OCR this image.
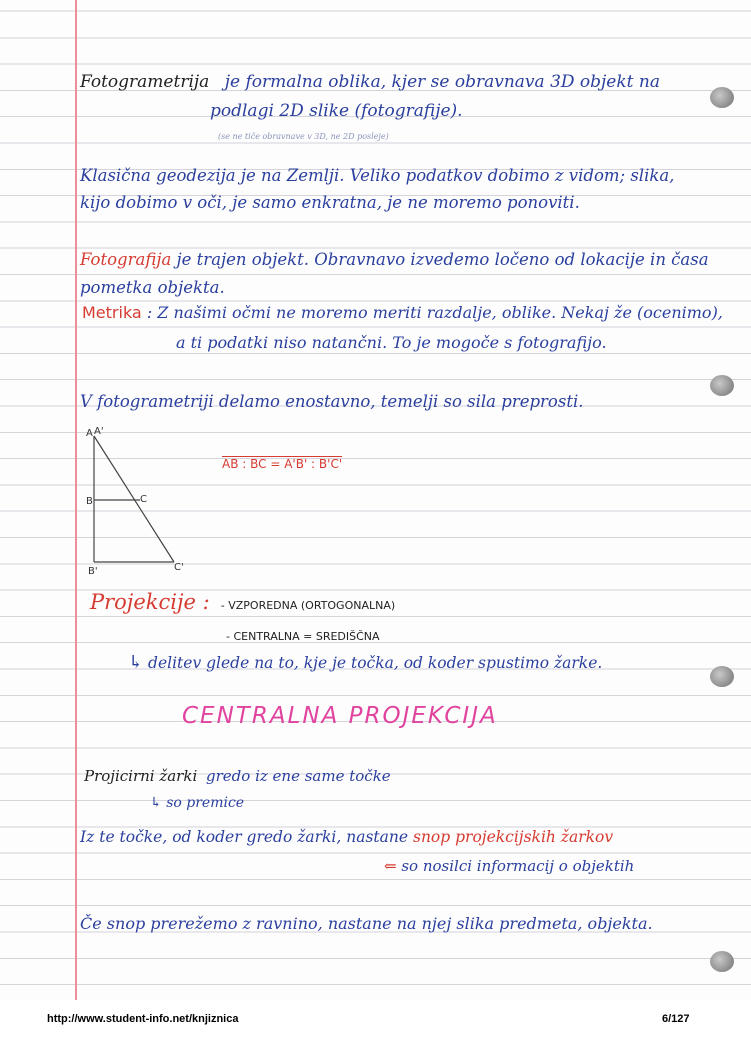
Fotogrametrija je formalna oblika, kjer se obravnava 3D objekt na
podlagi 2D slike (fotografije).
(se ne tiče obravnave v 3D, ne 2D posleje)
Klasična geodezija je na Zemlji. Veliko podatkov dobimo z vidom; slika,
kijo dobimo v oči, je samo enkratna, je ne moremo ponoviti.
Fotografija je trajen objekt. Obravnavo izvedemo ločeno od lokacije in časa
pometka objekta.
Metrika : Z našimi očmi ne moremo meriti razdalje, oblike. Nekaj že (ocenimo),
a ti podatki niso natančni. To je mogoče s fotografijo.
V fotogrametriji delamo enostavno, temelji so sila preprosti.
A A'
B	C
B'	C'
AB : BC = A'B' : B'C'
Projekcije : - VZPOREDNA (ORTOGONALNA)
- CENTRALNA = SREDIŠČNA
↳ delitev glede na to, kje je točka, od koder spustimo žarke.
CENTRALNA PROJEKCIJA
Projicirni žarki gredo iz ene same točke
↳ so premice
Iz te točke, od koder gredo žarki, nastane snop projekcijskih žarkov
⇐ so nosilci informacij o objektih
Če snop prerežemo z ravnino, nastane na njej slika predmeta, objekta.
http://www.student-info.net/knjiznica	6/127
